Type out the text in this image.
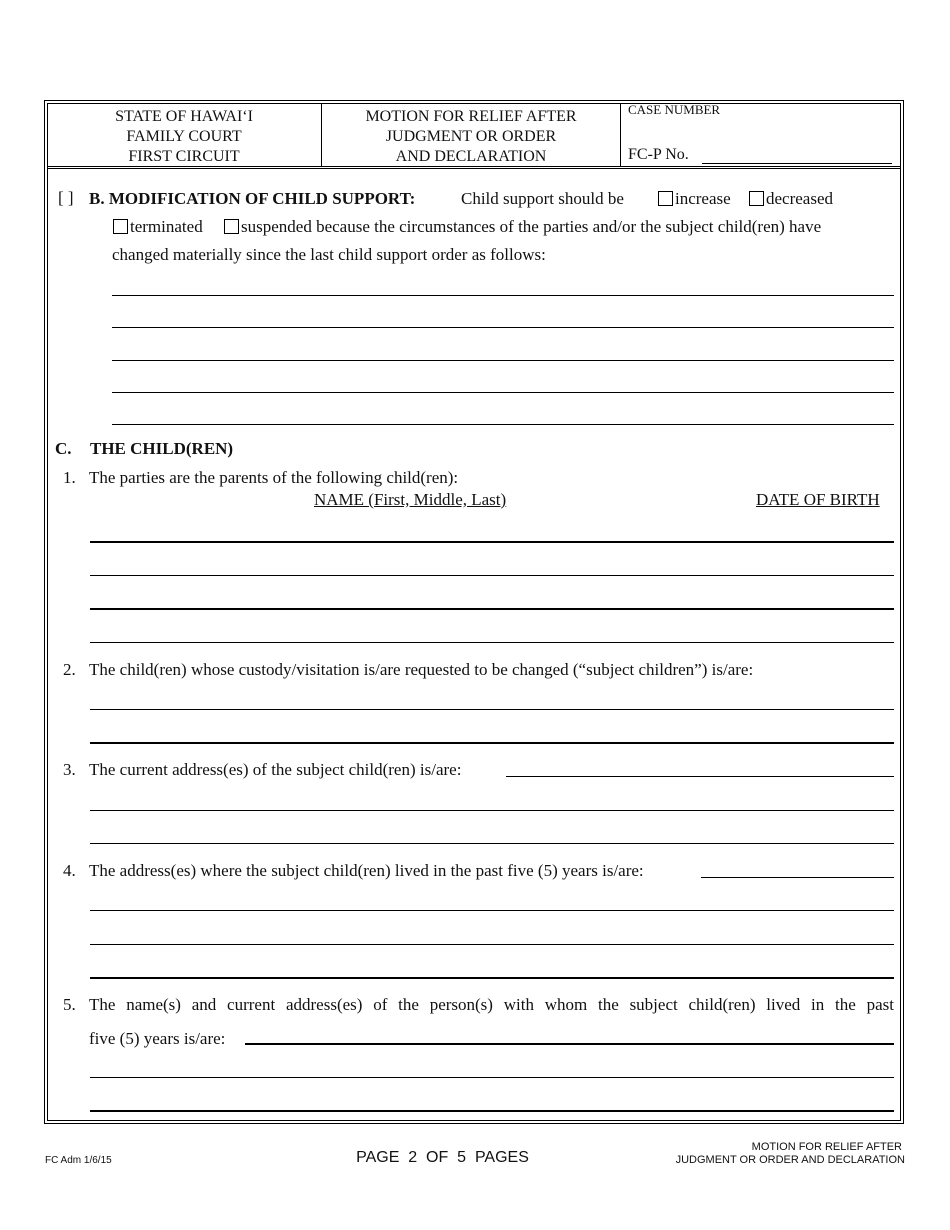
STATE OF HAWAI‘I
FAMILY COURT
FIRST CIRCUIT
MOTION FOR RELIEF AFTER
JUDGMENT OR ORDER
AND DECLARATION
CASE NUMBER
FC-P No.
[ ] B. MODIFICATION OF CHILD SUPPORT:	Child support should be	increase	decreased
terminated	suspended because the circumstances of the parties and/or the subject child(ren) have
changed materially since the last child support order as follows:
C. THE CHILD(REN)
1. The parties are the parents of the following child(ren):
NAME (First, Middle, Last)	DATE OF BIRTH
2. The child(ren) whose custody/visitation is/are requested to be changed (“subject children”) is/are:
3. The current address(es) of the subject child(ren) is/are:
4. The address(es) where the subject child(ren) lived in the past five (5) years is/are:
5. The name(s) and current address(es) of the person(s) with whom the subject child(ren) lived in the past
five (5) years is/are:
FC Adm 1/6/15	PAGE  2  OF  5  PAGES
MOTION FOR RELIEF AFTER
JUDGMENT OR ORDER AND DECLARATION
